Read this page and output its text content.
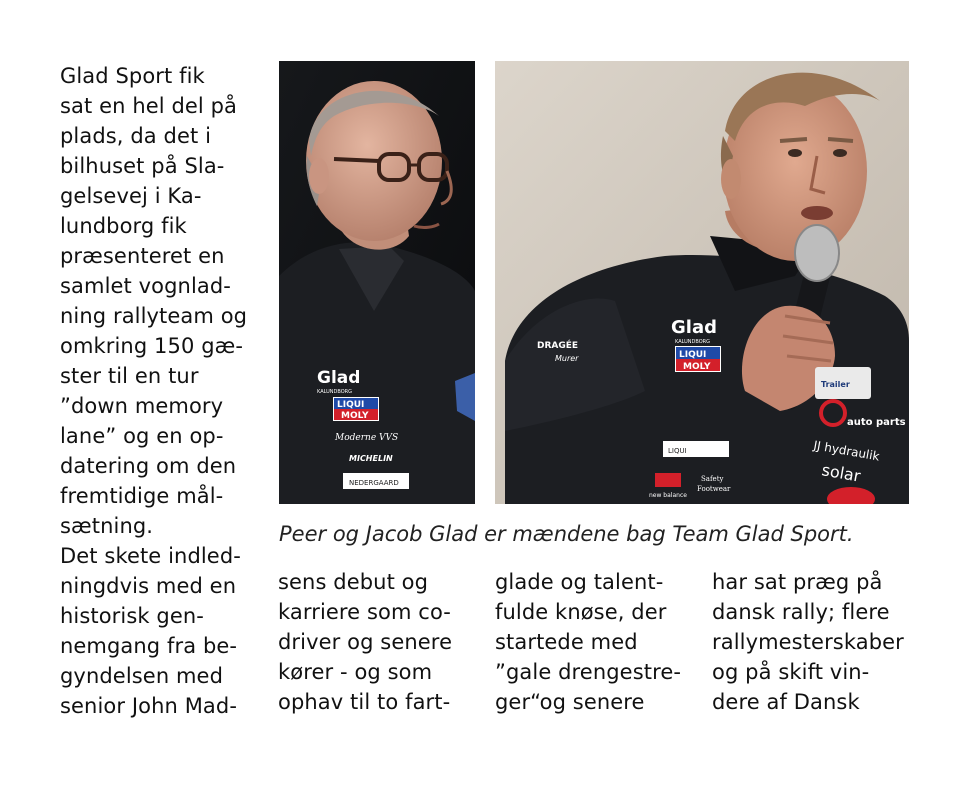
Glad Sport fik
sat en hel del på
plads, da det i
bilhuset på Sla-
gelsevej i Ka-
lundborg fik
præsenteret en
samlet vognlad-
ning rallyteam og
omkring 150 gæ-
ster til en tur
”down memory
lane” og en op-
datering om den
fremtidige mål-
sætning.
Det skete indled-
ningdvis med en
historisk gen-
nemgang fra be-
gyndelsen med
senior John Mad-
Glad
KALUNDBORG
LIQUI
MOLY
Moderne VVS
MICHELIN
NEDERGAARD
DRAGÉE
Murer
Glad
KALUNDBORG
LIQUI
MOLY
LIQUI
new balance
Safety
Footwear
Trailer
auto parts
JJ hydraulik
solar
Peer og Jacob Glad er mændene bag Team Glad Sport.
sens debut og
karriere som co-
driver og senere
kører - og som
ophav til to fart-
glade og talent-
fulde knøse, der
startede med
”gale drengestre-
ger“og senere
har sat præg på
dansk rally; flere
rallymesterskaber
og på skift vin-
dere af Dansk
